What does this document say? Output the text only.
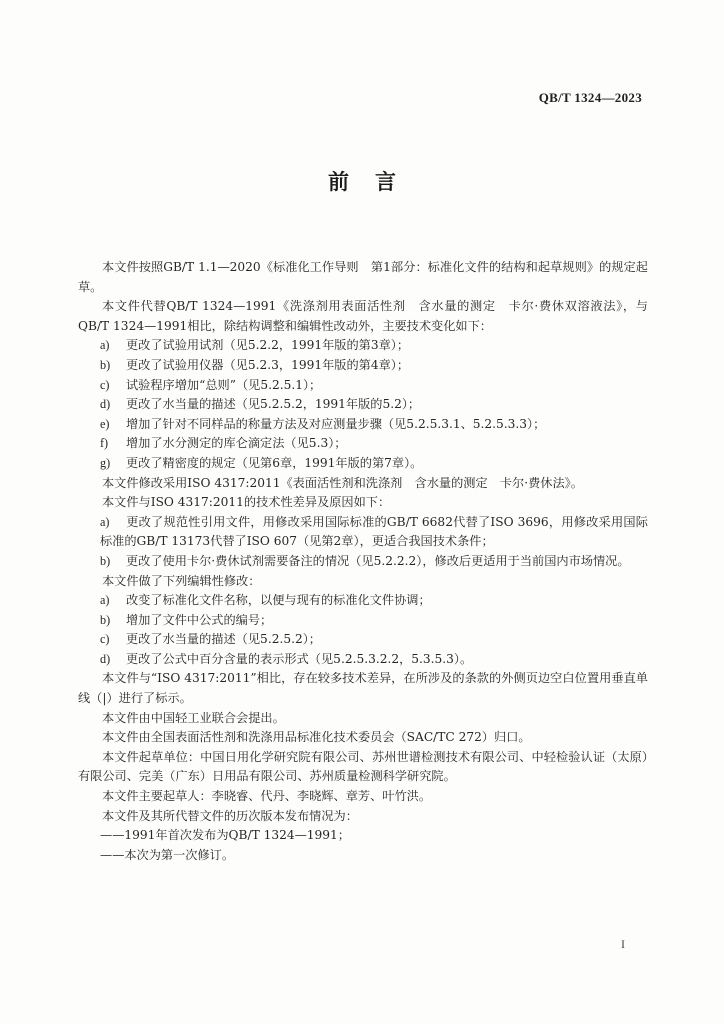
QB/T 1324—2023
前言

本文件按照GB/T 1.1—2020《标准化工作导则　第1部分：标准化文件的结构和起草规则》的规定起草。

本文件代替QB/T 1324—1991《洗涤剂用表面活性剂　含水量的测定　卡尔·费休双溶液法》，与QB/T 1324—1991相比，除结构调整和编辑性改动外，主要技术变化如下：

a) 更改了试验用试剂（见5.2.2，1991年版的第3章）；

b) 更改了试验用仪器（见5.2.3，1991年版的第4章）；

c) 试验程序增加“总则”（见5.2.5.1）；

d) 更改了水当量的描述（见5.2.5.2，1991年版的5.2）；

e) 增加了针对不同样品的称量方法及对应测量步骤（见5.2.5.3.1、5.2.5.3.3）；

f) 增加了水分测定的库仑滴定法（见5.3）；

g) 更改了精密度的规定（见第6章，1991年版的第7章）。

本文件修改采用ISO 4317:2011《表面活性剂和洗涤剂　含水量的测定　卡尔·费休法》。

本文件与ISO 4317:2011的技术性差异及原因如下：

a) 更改了规范性引用文件，用修改采用国际标准的GB/T 6682代替了ISO 3696，用修改采用国际标准的GB/T 13173代替了ISO 607（见第2章），更适合我国技术条件；

b) 更改了使用卡尔·费休试剂需要备注的情况（见5.2.2.2），修改后更适用于当前国内市场情况。

本文件做了下列编辑性修改：

a) 改变了标准化文件名称，以便与现有的标准化文件协调；

b) 增加了文件中公式的编号；

c) 更改了水当量的描述（见5.2.5.2）；

d) 更改了公式中百分含量的表示形式（见5.2.5.3.2.2，5.3.5.3）。

本文件与“ISO 4317:2011”相比，存在较多技术差异，在所涉及的条款的外侧页边空白位置用垂直单线（|）进行了标示。

本文件由中国轻工业联合会提出。

本文件由全国表面活性剂和洗涤用品标准化技术委员会（SAC/TC 272）归口。

本文件起草单位：中国日用化学研究院有限公司、苏州世谱检测技术有限公司、中轻检验认证（太原）有限公司、完美（广东）日用品有限公司、苏州质量检测科学研究院。

本文件主要起草人：李晓睿、代丹、李晓辉、章芳、叶竹洪。

本文件及其所代替文件的历次版本发布情况为：

——1991年首次发布为QB/T 1324—1991；

——本次为第一次修订。

I
